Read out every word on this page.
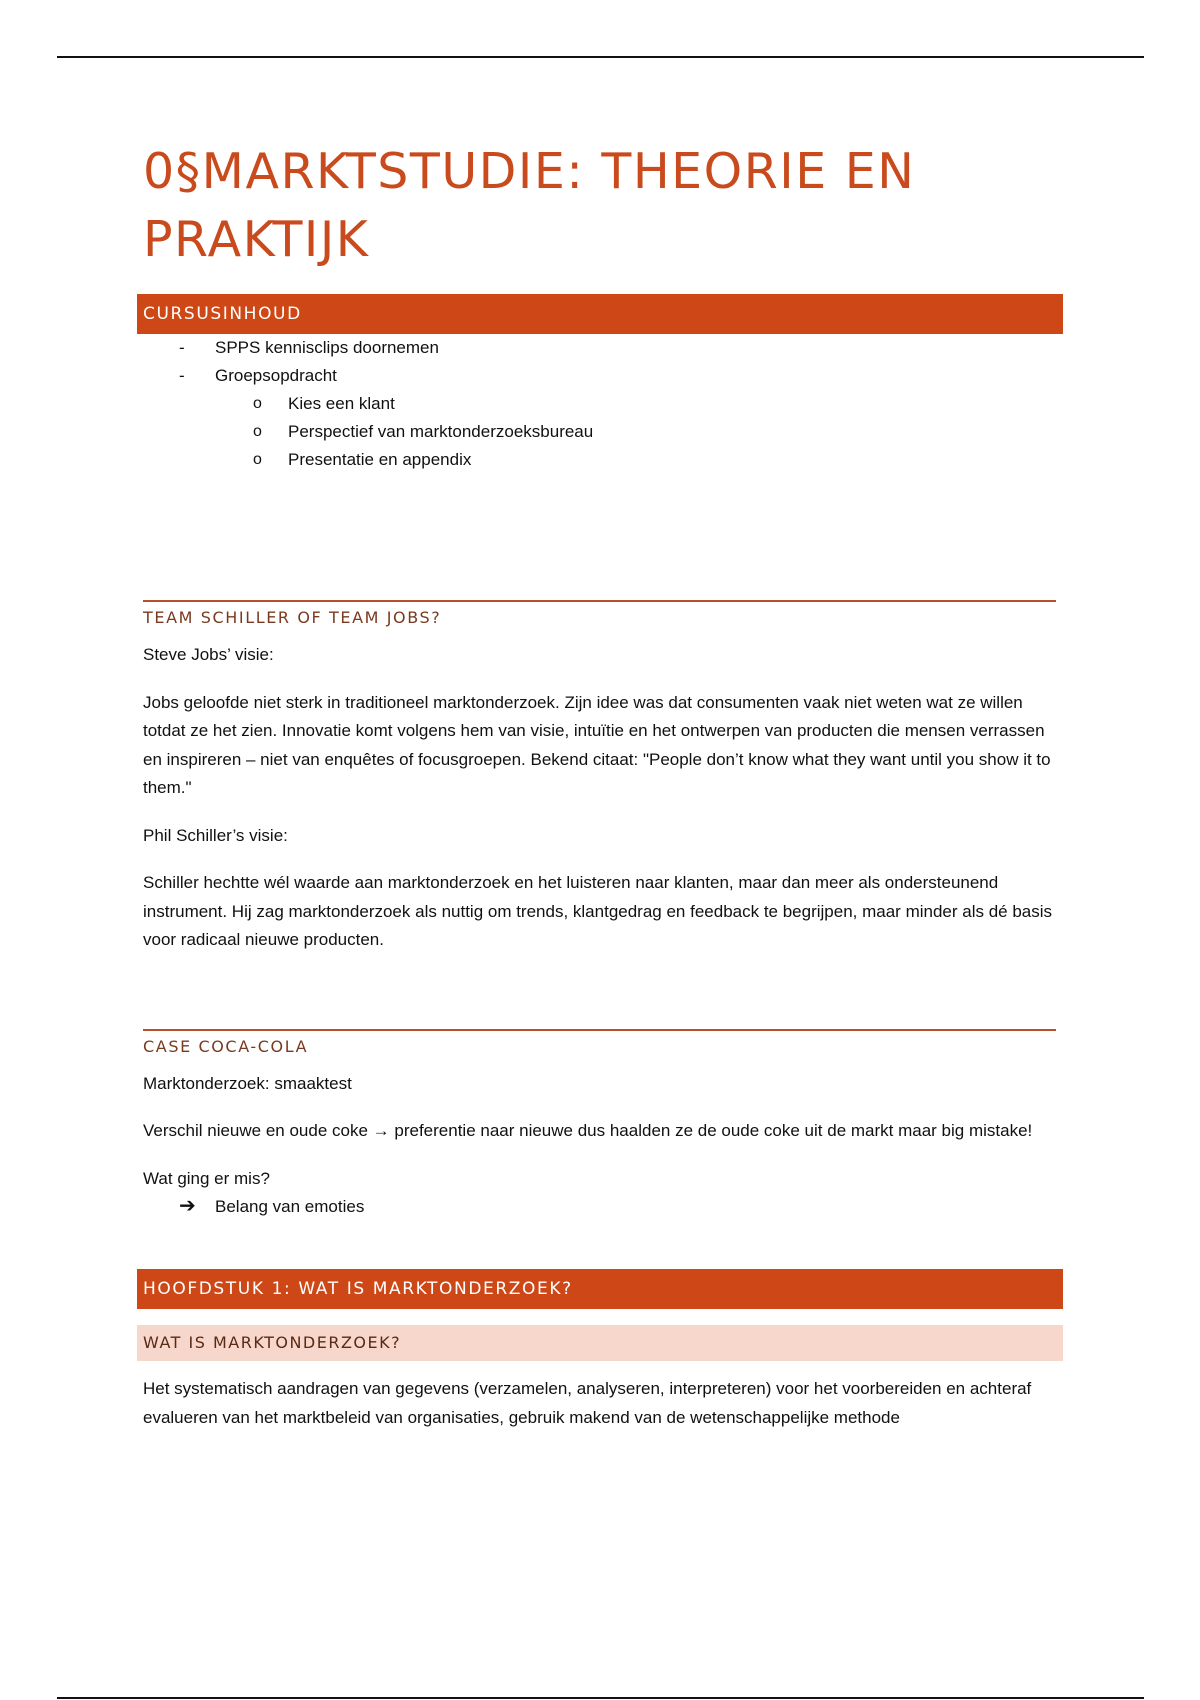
0§MARKTSTUDIE: THEORIE EN PRAKTIJK
CURSUSINHOUD
- SPPS kennisclips doornemen
- Groepsopdracht
o Kies een klant
o Perspectief van marktonderzoeksbureau
o Presentatie en appendix
TEAM SCHILLER OF TEAM JOBS?

Steve Jobs’ visie:

Jobs geloofde niet sterk in traditioneel marktonderzoek. Zijn idee was dat consumenten vaak niet weten wat ze willen totdat ze het zien. Innovatie komt volgens hem van visie, intuïtie en het ontwerpen van producten die mensen verrassen en inspireren – niet van enquêtes of focusgroepen. Bekend citaat: "People don’t know what they want until you show it to them."

Phil Schiller’s visie:

Schiller hechtte wél waarde aan marktonderzoek en het luisteren naar klanten, maar dan meer als ondersteunend instrument. Hij zag marktonderzoek als nuttig om trends, klantgedrag en feedback te begrijpen, maar minder als dé basis voor radicaal nieuwe producten.

CASE COCA-COLA

Marktonderzoek: smaaktest

Verschil nieuwe en oude coke → preferentie naar nieuwe dus haalden ze de oude coke uit de markt maar big mistake!

Wat ging er mis?

➔ Belang van emoties
HOOFDSTUK 1: WAT IS MARKTONDERZOEK?
WAT IS MARKTONDERZOEK?

Het systematisch aandragen van gegevens (verzamelen, analyseren, interpreteren) voor het voorbereiden en achteraf evalueren van het marktbeleid van organisaties, gebruik makend van de wetenschappelijke methode
